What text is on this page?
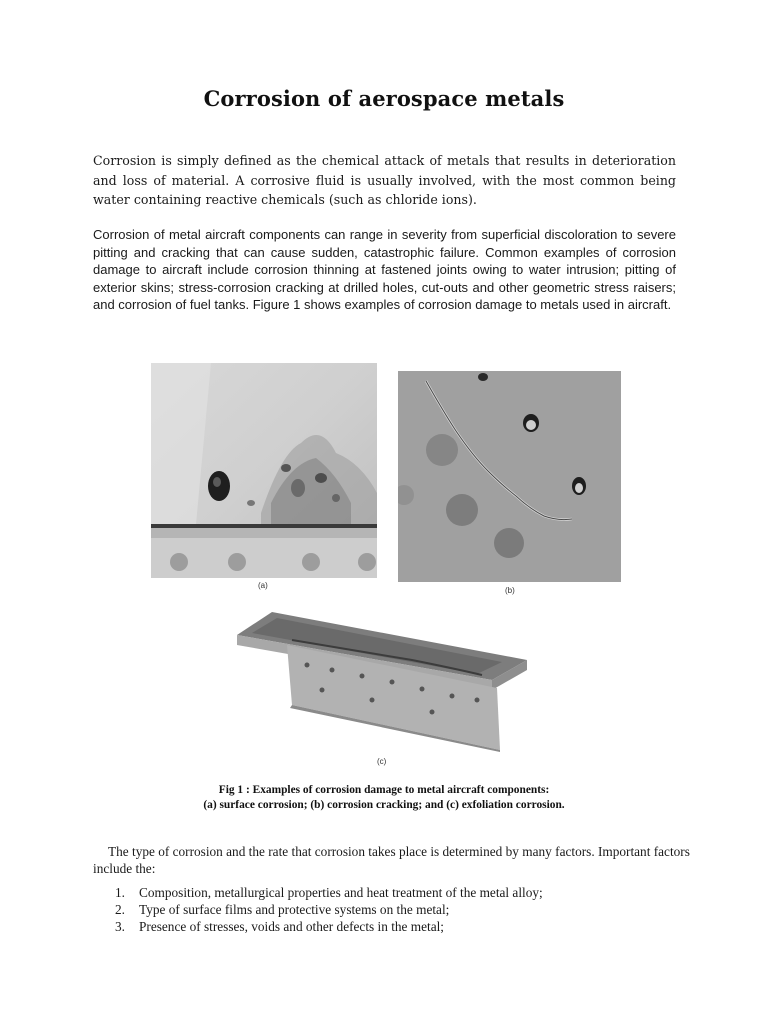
Corrosion of aerospace metals

Corrosion is simply defined as the chemical attack of metals that results in deterioration and loss of material. A corrosive fluid is usually involved, with the most common being water containing reactive chemicals (such as chloride ions).

Corrosion of metal aircraft components can range in severity from superficial discoloration to severe pitting and cracking that can cause sudden, catastrophic failure. Common examples of corrosion damage to aircraft include corrosion thinning at fastened joints owing to water intrusion; pitting of exterior skins; stress-corrosion cracking at drilled holes, cut-outs and other geometric stress raisers; and corrosion of fuel tanks. Figure 1 shows examples of corrosion damage to metals used in aircraft.

(a)
(b)
(c)

Fig 1 : Examples of corrosion damage to metal aircraft components:

(a) surface corrosion; (b) corrosion cracking; and (c) exfoliation corrosion.

The type of corrosion and the rate that corrosion takes place is determined by many factors. Important factors include the:

1.	Composition, metallurgical properties and heat treatment of the metal alloy;
2.	Type of surface films and protective systems on the metal;
3.	Presence of stresses, voids and other defects in the metal;
